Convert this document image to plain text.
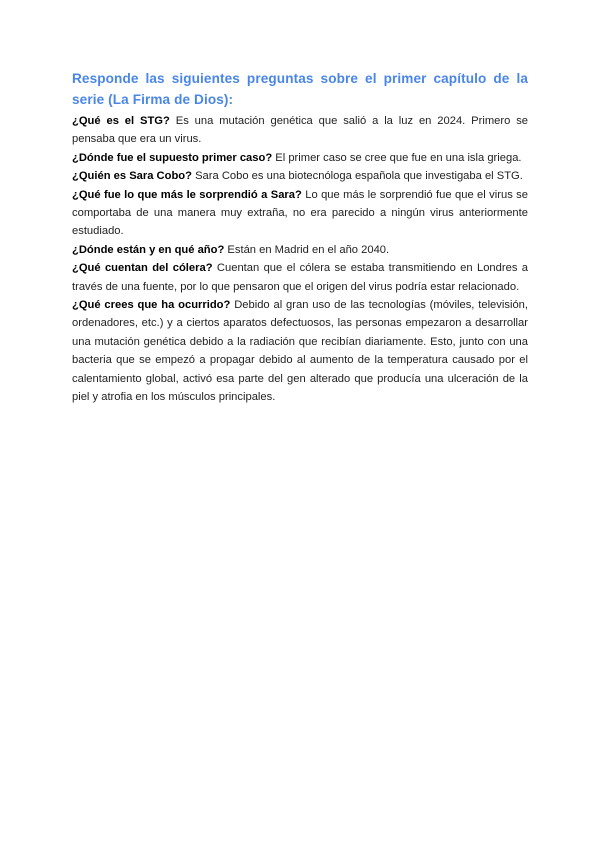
Responde las siguientes preguntas sobre el primer capítulo de la serie (La Firma de Dios):

¿Qué es el STG? Es una mutación genética que salió a la luz en 2024. Primero se pensaba que era un virus.

¿Dónde fue el supuesto primer caso? El primer caso se cree que fue en una isla griega.

¿Quién es Sara Cobo? Sara Cobo es una biotecnóloga española que investigaba el STG.

¿Qué fue lo que más le sorprendió a Sara? Lo que más le sorprendió fue que el virus se comportaba de una manera muy extraña, no era parecido a ningún virus anteriormente estudiado.

¿Dónde están y en qué año? Están en Madrid en el año 2040.

¿Qué cuentan del cólera? Cuentan que el cólera se estaba transmitiendo en Londres a través de una fuente, por lo que pensaron que el origen del virus podría estar relacionado.

¿Qué crees que ha ocurrido? Debido al gran uso de las tecnologías (móviles, televisión, ordenadores, etc.) y a ciertos aparatos defectuosos, las personas empezaron a desarrollar una mutación genética debido a la radiación que recibían diariamente. Esto, junto con una bacteria que se empezó a propagar debido al aumento de la temperatura causado por el calentamiento global, activó esa parte del gen alterado que producía una ulceración de la piel y atrofia en los músculos principales.
